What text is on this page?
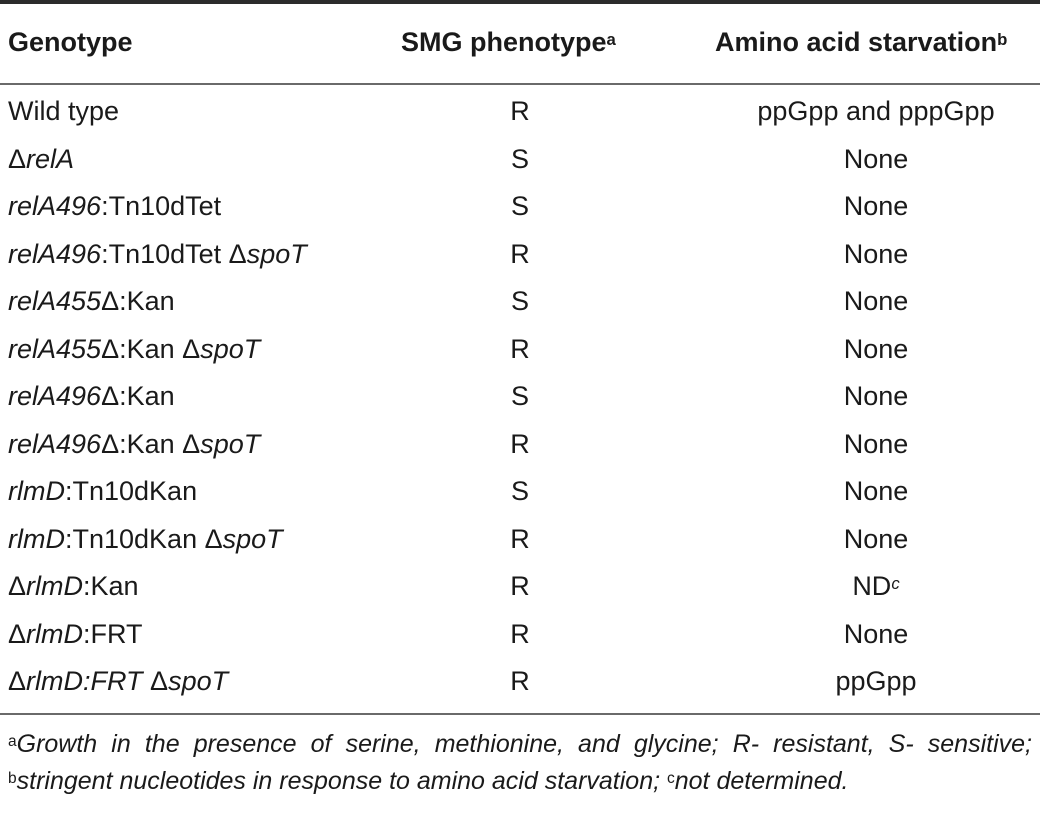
Genotype	SMG phenotype$^a$	Amino acid starvation$^b$
Wild type	R	ppGpp and pppGpp
ΔrelA	S	None
relA496:Tn10dTet	S	None
relA496:Tn10dTet ΔspoT	R	None
relA455Δ:Kan	S	None
relA455Δ:Kan ΔspoT	R	None
relA496Δ:Kan	S	None
relA496Δ:Kan ΔspoT	R	None
rlmD:Tn10dKan	S	None
rlmD:Tn10dKan ΔspoT	R	None
ΔrlmD:Kan	R	$ND^c$
ΔrlmD:FRT	R	None
ΔrlmD:FRT ΔspoT	R	ppGpp
$^a$Growth in the presence of serine, methionine, and glycine; R- resistant, S- sensitive; $^b$stringent nucleotides in response to amino acid starvation; $^c$not determined.
